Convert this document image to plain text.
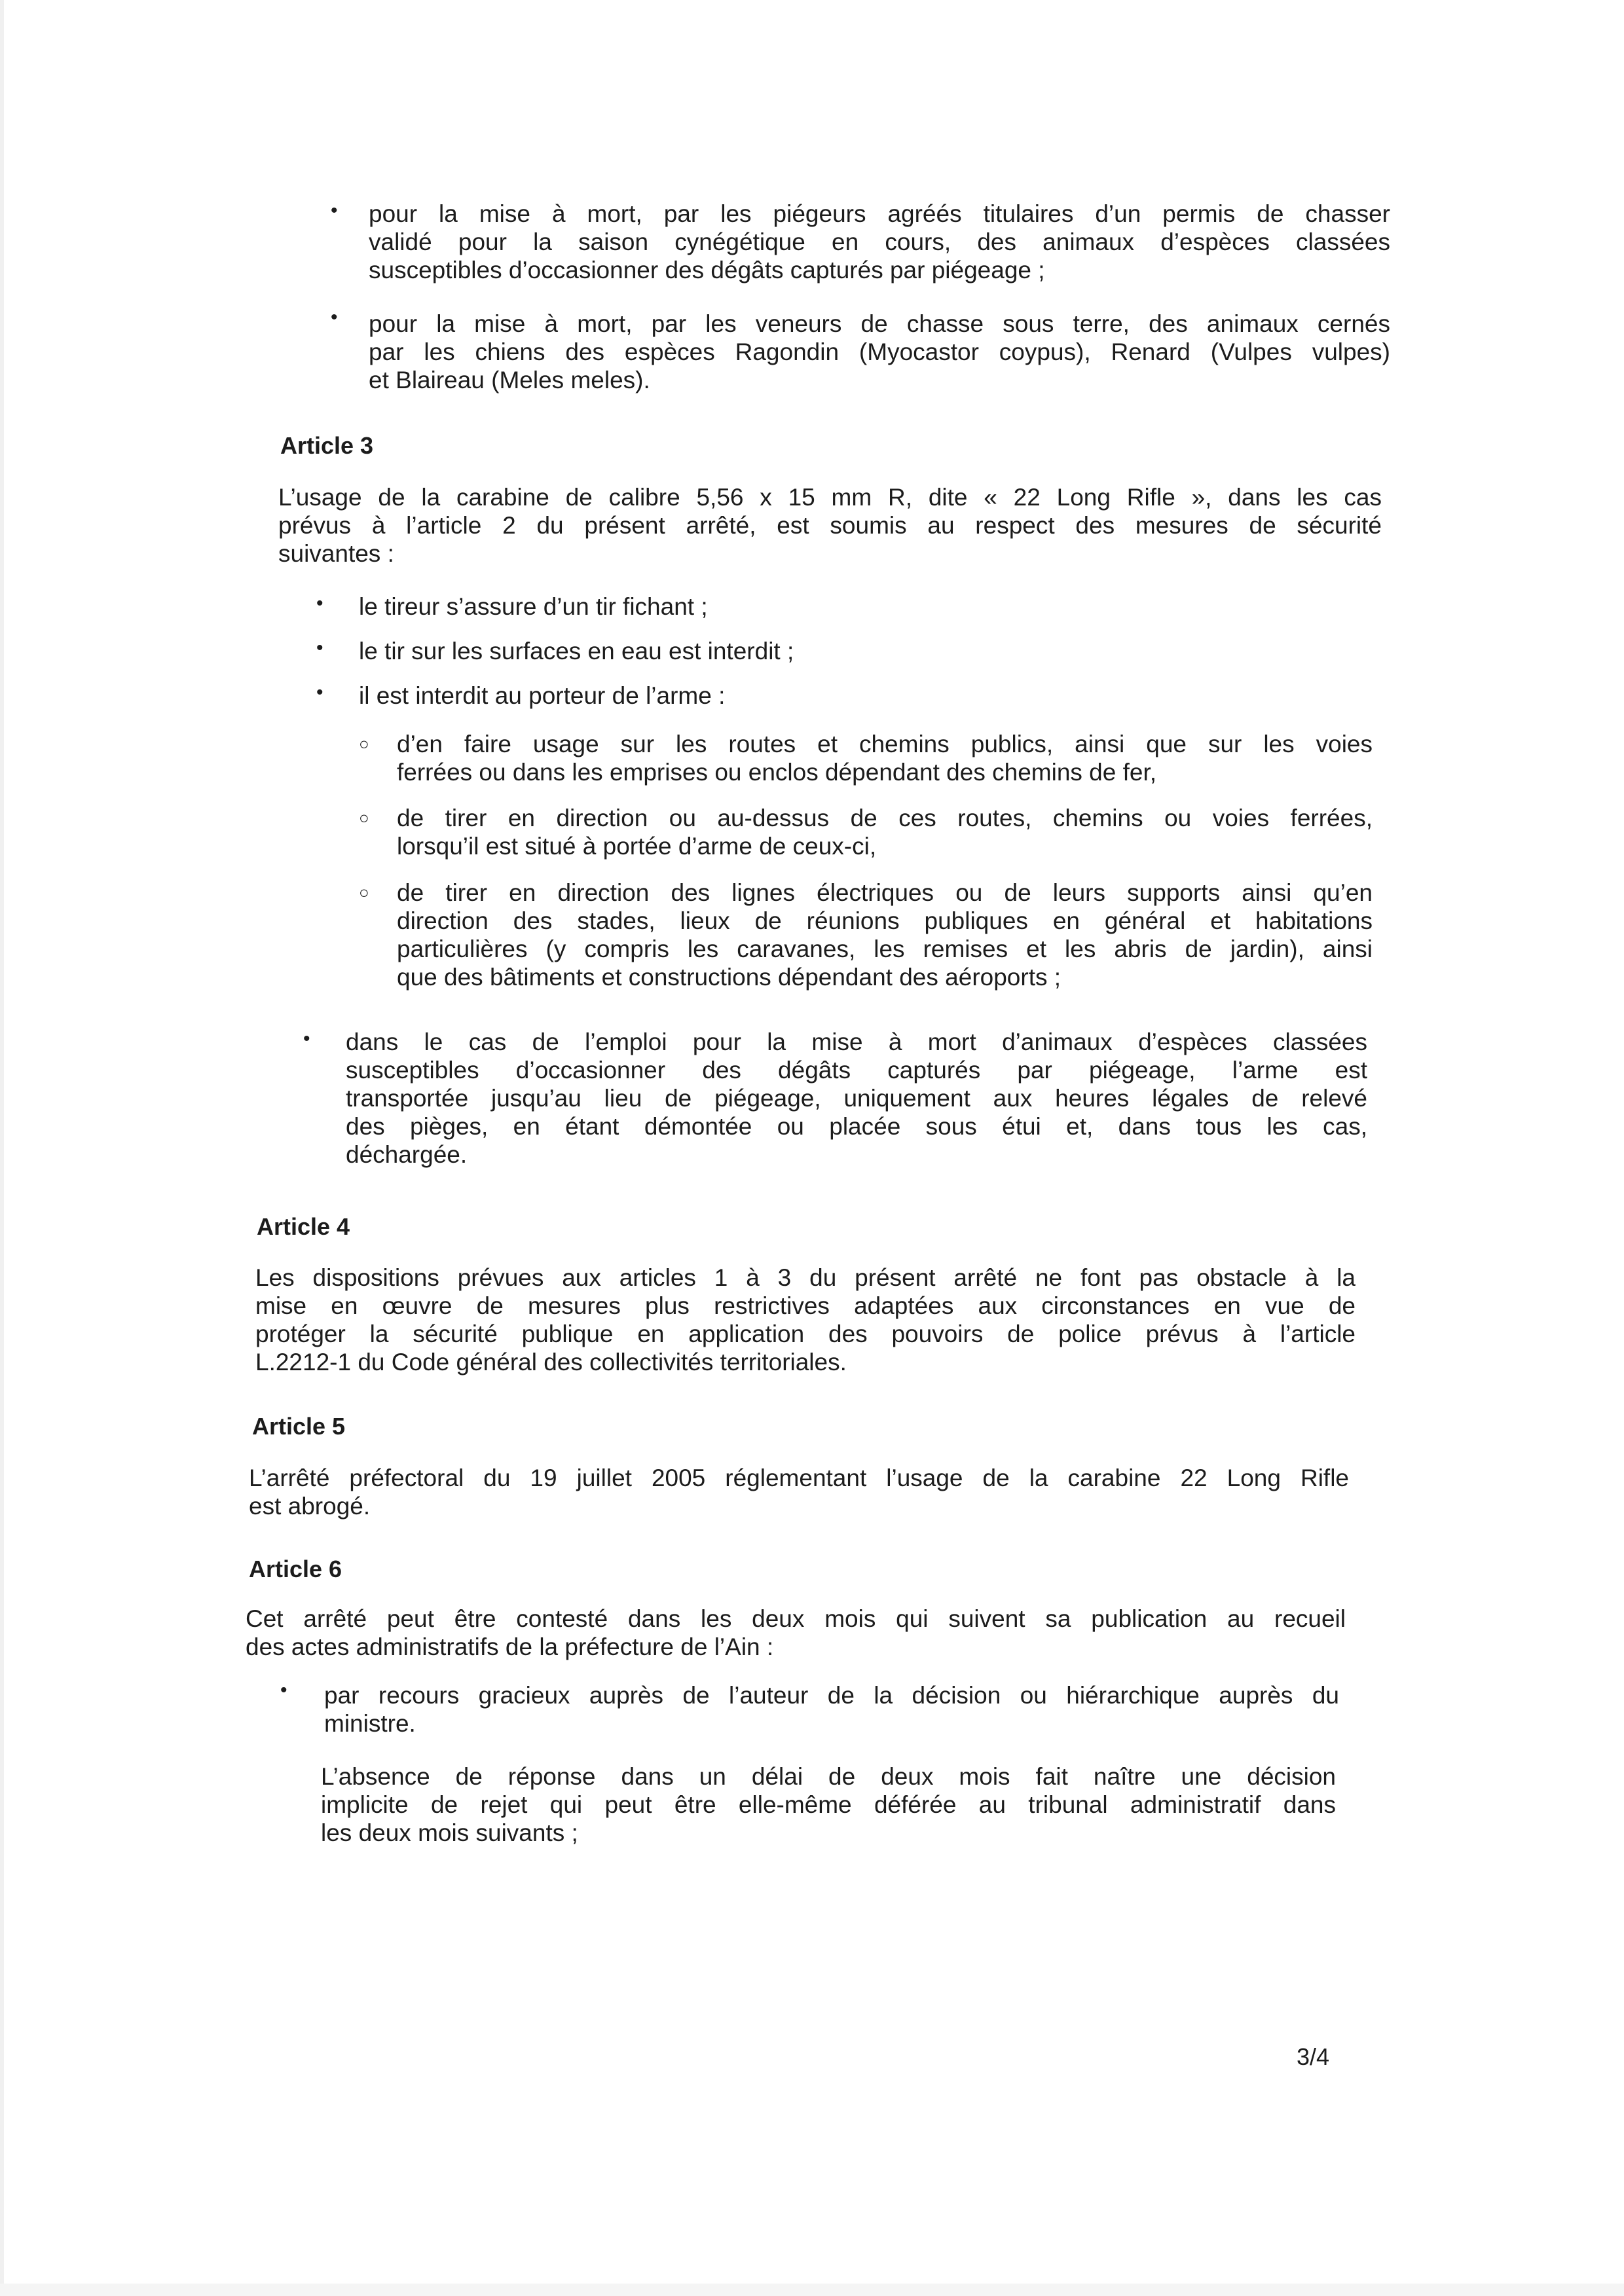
• pour la mise à mort, par les piégeurs agréés titulaires d’un permis de chasser
validé pour la saison cynégétique en cours, des animaux d’espèces classées
susceptibles d’occasionner des dégâts capturés par piégeage ;
• pour la mise à mort, par les veneurs de chasse sous terre, des animaux cernés
par les chiens des espèces Ragondin (Myocastor coypus), Renard (Vulpes vulpes)
et Blaireau (Meles meles).
Article 3
L’usage de la carabine de calibre 5,56 x 15 mm R, dite « 22 Long Rifle », dans les cas
prévus à l’article 2 du présent arrêté, est soumis au respect des mesures de sécurité
suivantes :
• le tireur s’assure d’un tir fichant ;
• le tir sur les surfaces en eau est interdit ;
• il est interdit au porteur de l’arme :
○ d’en faire usage sur les routes et chemins publics, ainsi que sur les voies
ferrées ou dans les emprises ou enclos dépendant des chemins de fer,
○ de tirer en direction ou au-dessus de ces routes, chemins ou voies ferrées,
lorsqu’il est situé à portée d’arme de ceux-ci,
○ de tirer en direction des lignes électriques ou de leurs supports ainsi qu’en
direction des stades, lieux de réunions publiques en général et habitations
particulières (y compris les caravanes, les remises et les abris de jardin), ainsi
que des bâtiments et constructions dépendant des aéroports ;
• dans le cas de l’emploi pour la mise à mort d’animaux d’espèces classées
susceptibles d’occasionner des dégâts capturés par piégeage, l’arme est
transportée jusqu’au lieu de piégeage, uniquement aux heures légales de relevé
des pièges, en étant démontée ou placée sous étui et, dans tous les cas,
déchargée.
Article 4
Les dispositions prévues aux articles 1 à 3 du présent arrêté ne font pas obstacle à la
mise en œuvre de mesures plus restrictives adaptées aux circonstances en vue de
protéger la sécurité publique en application des pouvoirs de police prévus à l’article
L.2212-1 du Code général des collectivités territoriales.
Article 5
L’arrêté préfectoral du 19 juillet 2005 réglementant l’usage de la carabine 22 Long Rifle
est abrogé.
Article 6
Cet arrêté peut être contesté dans les deux mois qui suivent sa publication au recueil
des actes administratifs de la préfecture de l’Ain :
• par recours gracieux auprès de l’auteur de la décision ou hiérarchique auprès du
ministre.
L’absence de réponse dans un délai de deux mois fait naître une décision
implicite de rejet qui peut être elle-même déférée au tribunal administratif dans
les deux mois suivants ;
3/4
